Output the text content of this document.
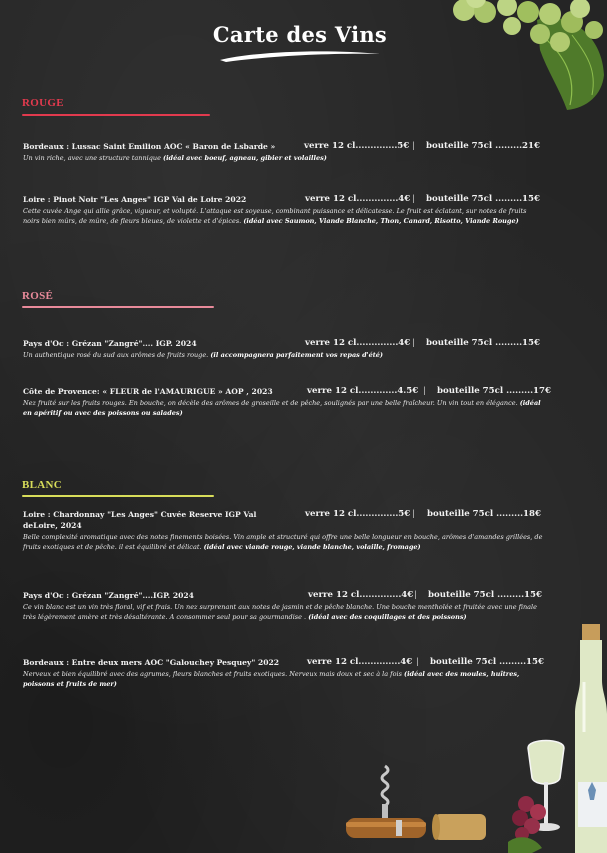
Carte des Vins
ROUGE
Bordeaux : Lussac Saint Emilion AOC « Baron de Lsbarde »	verre 12 cl..............5€ | bouteille 75cl .........21€
Un vin riche, avec une structure tannique (idéal avec boeuf, agneau, gibier et volailles)
Loire : Pinot Noir "Les Anges" IGP Val de Loire 2022	verre 12 cl..............4€ | bouteille 75cl .........15€
Cette cuvée Ange qui allie grâce, vigueur, et volupté. L'attaque est soyeuse, combinant puissance et délicatesse. Le fruit est éclatant, sur notes de fruits noirs bien mûrs, de mûre, de fleurs bleues, de violette et d'épices. (idéal avec Saumon, Viande Blanche, Thon, Canard, Risotto, Viande Rouge)
ROSÉ
Pays d'Oc : Grézan "Zangré".... IGP. 2024	verre 12 cl..............4€ | bouteille 75cl .........15€
Un authentique rosé du sud aux arômes de fruits rouge. (il accompagnera parfaitement vos repas d'été)
Côte de Provence: « FLEUR de l'AMAURIGUE » AOP , 2023	verre 12 cl.............4.5€ | bouteille 75cl .........17€
Nez fruité sur les fruits rouges. En bouche, on décèle des arômes de groseille et de pêche, soulignés par une belle fraîcheur. Un vin tout en élégance. (idéal en apéritif ou avec des poissons ou salades)
BLANC
Loire : Chardonnay "Les Anges" Cuvée Reserve IGP Val deLoire, 2024
verre 12 cl..............5€ | bouteille 75cl .........18€
Belle complexité aromatique avec des notes finements boisées. Vin ample et structuré qui offre une belle longueur en bouche, arômes d'amandes grillées, de fruits exotiques et de pêche. il est équilibré et délicat. (idéal avec viande rouge, viande blanche, volaille, fromage)
Pays d'Oc : Grézan "Zangré"....IGP. 2024	verre 12 cl..............4€ | bouteille 75cl .........15€
Ce vin blanc est un vin très floral, vif et frais. Un nez surprenant aux notes de jasmin et de pêche blanche. Une bouche mentholée et fruitée avec une finale très légèrement amère et très désaltérante. A consommer seul pour sa gourmandise . (idéal avec des coquillages et des poissons)
Bordeaux : Entre deux mers AOC "Galouchey Pesquey" 2022	verre 12 cl..............4€ | bouteille 75cl .........15€
Nerveux et bien équilibré avec des agrumes, fleurs blanches et fruits exotiques. Nerveux mais doux et sec à la fois (idéal avec des moules, huîtres, poissons et fruits de mer)
